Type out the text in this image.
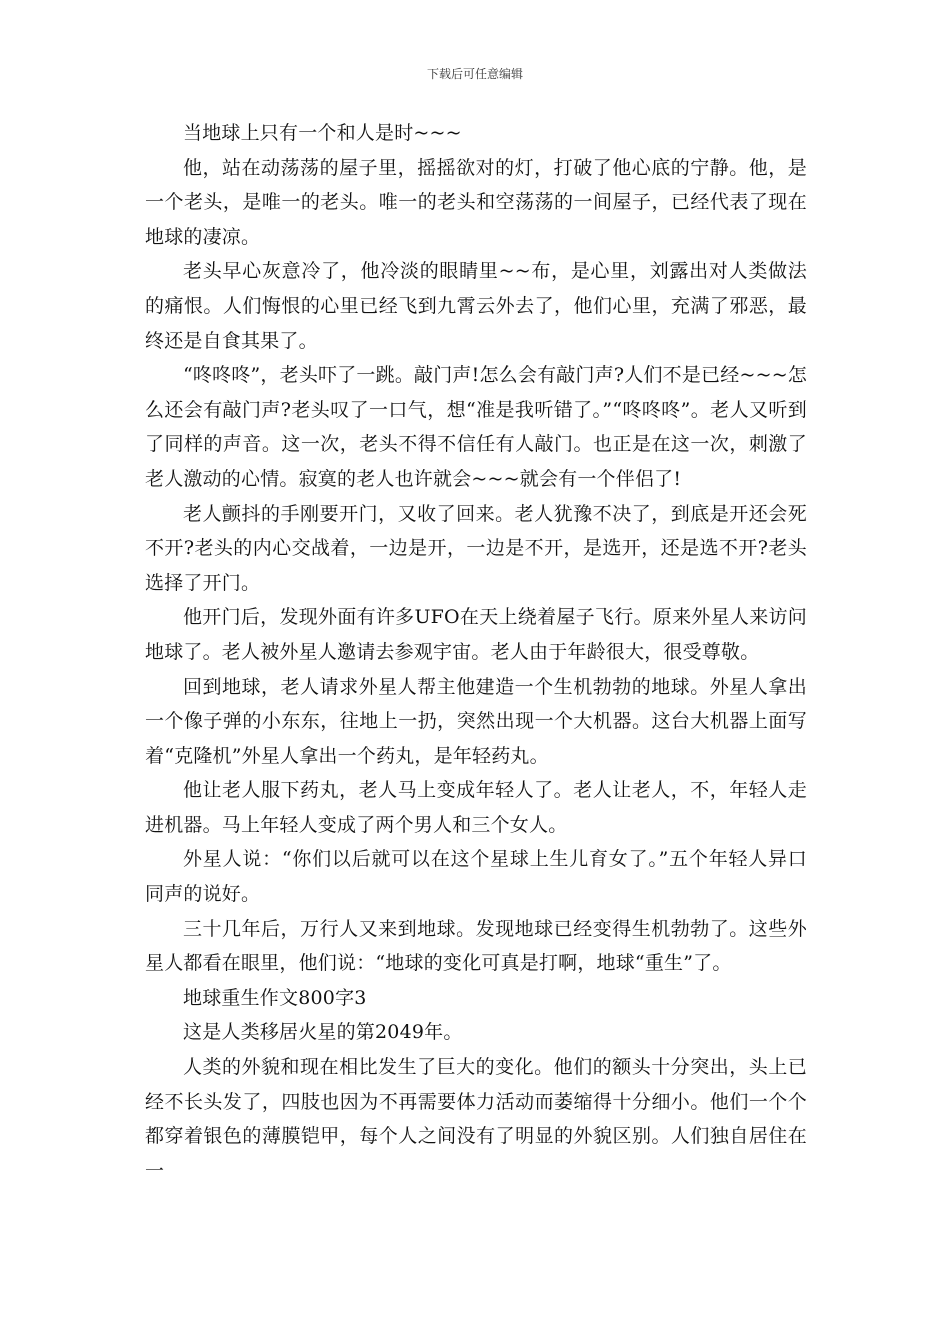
下载后可任意编辑

当地球上只有一个和人是时~~~

他，站在动荡荡的屋子里，摇摇欲对的灯，打破了他心底的宁静。他，是一个老头，是唯一的老头。唯一的老头和空荡荡的一间屋子，已经代表了现在地球的凄凉。

老头早心灰意冷了，他冷淡的眼睛里~~布，是心里，刘露出对人类做法的痛恨。人们悔恨的心里已经飞到九霄云外去了，他们心里，充满了邪恶，最终还是自食其果了。

“咚咚咚”，老头吓了一跳。敲门声!怎么会有敲门声?人们不是已经~~~怎么还会有敲门声?老头叹了一口气，想“准是我听错了。”“咚咚咚”。老人又听到了同样的声音。这一次，老头不得不信任有人敲门。也正是在这一次，刺激了老人激动的心情。寂寞的老人也许就会~~~就会有一个伴侣了!

老人颤抖的手刚要开门，又收了回来。老人犹豫不决了，到底是开还会死不开?老头的内心交战着，一边是开，一边是不开，是选开，还是选不开?老头选择了开门。

他开门后，发现外面有许多UFO在天上绕着屋子飞行。原来外星人来访问地球了。老人被外星人邀请去参观宇宙。老人由于年龄很大，很受尊敬。

回到地球，老人请求外星人帮主他建造一个生机勃勃的地球。外星人拿出一个像子弹的小东东，往地上一扔，突然出现一个大机器。这台大机器上面写着“克隆机”外星人拿出一个药丸，是年轻药丸。

他让老人服下药丸，老人马上变成年轻人了。老人让老人，不，年轻人走进机器。马上年轻人变成了两个男人和三个女人。

外星人说：“你们以后就可以在这个星球上生儿育女了。”五个年轻人异口同声的说好。

三十几年后，万行人又来到地球。发现地球已经变得生机勃勃了。这些外星人都看在眼里，他们说：“地球的变化可真是打啊，地球“重生”了。

地球重生作文800字3

这是人类移居火星的第2049年。

人类的外貌和现在相比发生了巨大的变化。他们的额头十分突出，头上已经不长头发了，四肢也因为不再需要体力活动而萎缩得十分细小。他们一个个都穿着银色的薄膜铠甲，每个人之间没有了明显的外貌区别。人们独自居住在一
